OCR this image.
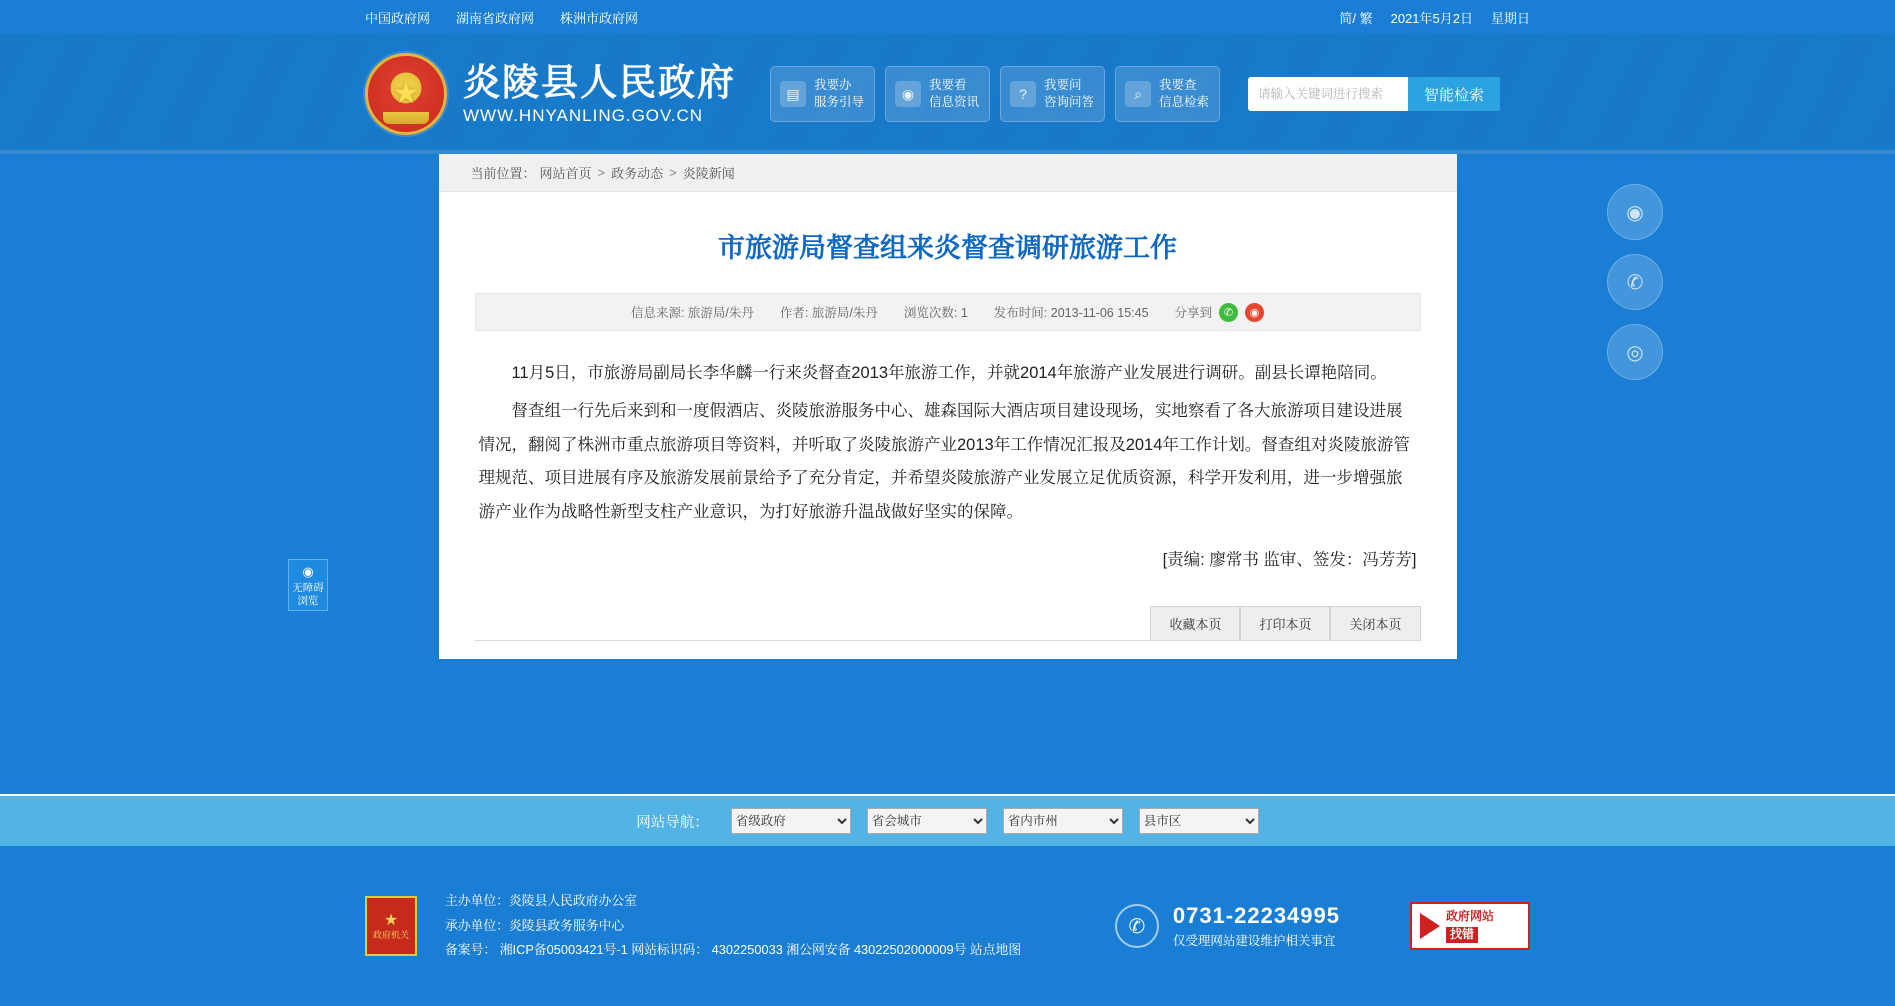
中国政府网 湖南省政府网 株洲市政府网	简/ 繁 2021年5月2日 星期日
★ 炎陵县人民政府
WWW.HNYANLING.GOV.CN
▤
我要办
服务引导
◉
我要看
信息资讯	?
我要问
咨询问答
⌕
我要查
信息检索
请输入关键词进行搜索	智能检索
◉
✆
◎
◉
无障碍
浏览
当前位置： 网站首页 > 政务动态 > 炎陵新闻
市旅游局督查组来炎督查调研旅游工作
信息来源: 旅游局/朱丹 作者: 旅游局/朱丹 浏览次数: 1 发布时间: 2013-11-06 15:45 分享到	✆	◉

11月5日，市旅游局副局长李华麟一行来炎督查2013年旅游工作，并就2014年旅游产业发展进行调研。副县长谭艳陪同。

督查组一行先后来到和一度假酒店、炎陵旅游服务中心、雄森国际大酒店项目建设现场，实地察看了各大旅游项目建设进展情况，翻阅了株洲市重点旅游项目等资料，并听取了炎陵旅游产业2013年工作情况汇报及2014年工作计划。督查组对炎陵旅游管理规范、项目进展有序及旅游发展前景给予了充分肯定，并希望炎陵旅游产业发展立足优质资源，科学开发利用，进一步增强旅游产业作为战略性新型支柱产业意识，为打好旅游升温战做好坚实的保障。

[责编: 廖常书 监审、签发：冯芳芳]
收藏本页	打印本页	关闭本页
网站导航：
省级政府
省会城市
省内市州
县市区
★
政府机关
主办单位：炎陵县人民政府办公室
承办单位：炎陵县政务服务中心
备案号： 湘ICP备05003421号-1 网站标识码： 4302250033 湘公网安备 43022502000009号 站点地图
✆	0731-22234995
仅受理网站建设维护相关事宜
政府网站
找错
